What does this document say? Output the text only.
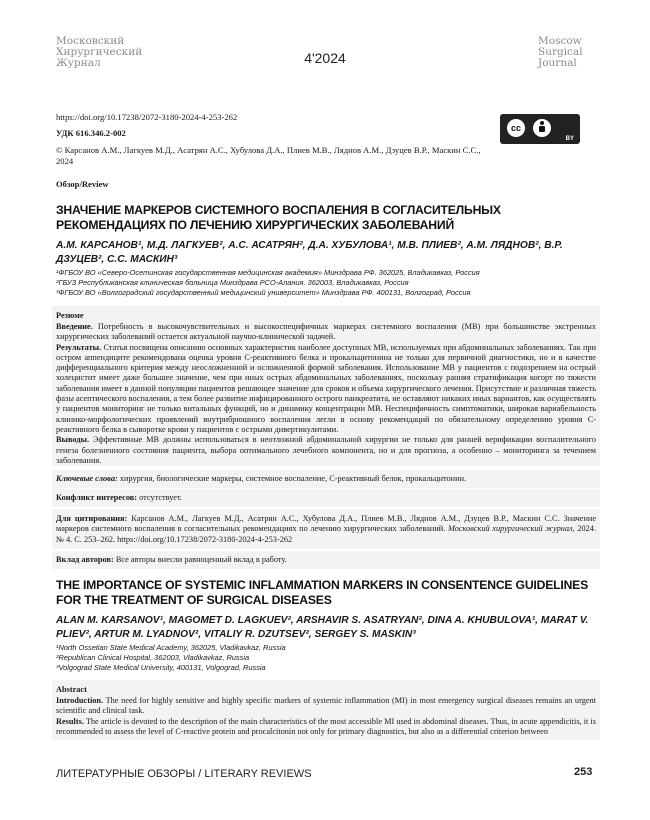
Московский
Хирургический
Журнал	4'2024
Moscow
Surgical
Journal
https://doi.org/10.17238/2072-3180-2024-4-253-262
УДК 616.346.2-002
© Карсанов А.М., Лагкуев М.Д., Асатрян А.С., Хубулова Д.А., Плиев М.В., Ляднов А.М., Дзуцев В.Р., Маскин С.С., 2024
Обзор/Review
cc
BY
ЗНАЧЕНИЕ МАРКЕРОВ СИСТЕМНОГО ВОСПАЛЕНИЯ В СОГЛАСИТЕЛЬНЫХ РЕКОМЕНДАЦИЯХ ПО ЛЕЧЕНИЮ ХИРУРГИЧЕСКИХ ЗАБОЛЕВАНИЙ
А.М. КАРСАНОВ¹, М.Д. ЛАГКУЕВ², А.С. АСАТРЯН², Д.А. ХУБУЛОВА¹, М.В. ПЛИЕВ², А.М. ЛЯДНОВ², В.Р. ДЗУЦЕВ², С.С. МАСКИН³
¹ФГБОУ ВО «Северо-Осетинская государственная медицинская академия» Минздрава РФ. 362025, Владикавказ, Россия
²ГБУЗ Республиканская клиническая больница Минздрава РСО-Алания. 362003, Владикавказ, Россия
³ФГБОУ ВО «Волгоградский государственный медицинский университет» Минздрава РФ. 400131, Волгоград, Россия
Резюме
Введение. Потребность в высокочувствительных и высокоспецифичных маркерах системного воспаления (МВ) при большинстве экстренных хирургических заболеваний остается актуальной научно-клинической задачей.
Результаты. Статья посвящена описанию основных характеристик наиболее доступных МВ, используемых при абдоминальных заболеваниях. Так при остром аппендиците рекомендована оценка уровня С-реактивного белка и прокальцитонина не только для первичной диагностики, но и в качестве дифференциального критерия между неосложненной и осложненной формой заболевания. Использование МВ у пациентов с подозрением на острый холецистит имеет даже большее значение, чем при иных острых абдоминальных заболеваниях, поскольку ранняя стратификация когорт по тяжести заболевания имеет в данной популяции пациентов решающее значение для сроков и объема хирургического лечения. Присутствие и различная тяжесть фазы асептического воспаления, а тем более развитие инфицированного острого панкреатита, не оставляют никаких иных вариантов, как осуществлять у пациентов мониторинг не только витальных функций, но и динамику концентрации МВ. Неспецифичность симптоматики, широкая вариабельность клинико-морфологических проявлений внутрибрюшного воспаления легли в основу рекомендаций по обязательному определению уровня С-реактивного белка в сыворотке крови у пациентов с острыми дивертикулитами.
Выводы. Эффективные МВ должны использоваться в неотложной абдоминальной хирургии не только для ранней верификации воспалительного генеза болезненного состояния пациента, выбора оптимального лечебного компонента, но и для прогноза, а особенно – мониторинга за течением заболевания.
Ключевые слова: хирургия, биологические маркеры, системное воспаление, С-реактивный белок, прокальцитонин.
Конфликт интересов: отсутствует.
Для цитирования: Карсанов А.М., Лагкуев М.Д., Асатрян А.С., Хубулова Д.А., Плиев М.В., Ляднов А.М., Дзуцев В.Р., Маскин С.С. Значение маркеров системного воспаления в согласительных рекомендациях по лечению хирургических заболеваний. Московский хирургический журнал, 2024. № 4. С. 253–262. https://doi.org/10.17238/2072-3180-2024-4-253-262
Вклад авторов: Все авторы внесли равноценный вклад в работу.
THE IMPORTANCE OF SYSTEMIC INFLAMMATION MARKERS IN CONSENTENCE GUIDELINES FOR THE TREATMENT OF SURGICAL DISEASES
ALAN M. KARSANOV¹, MAGOMET D. LAGKUEV², ARSHAVIR S. ASATRYAN², DINA A. KHUBULOVA¹, MARAT V. PLIEV², ARTUR M. LYADNOV², VITALIY R. DZUTSEV², SERGEY S. MASKIN³
¹North Ossetian State Medical Academy, 362025, Vladikavkaz, Russia
²Republican Clinical Hospital, 362003, Vladikavkaz, Russia
³Volgograd State Medical University, 400131, Volgograd, Russia
Abstract
Introduction. The need for highly sensitive and highly specific markers of systemic inflammation (MI) in most emergency surgical diseases remains an urgent scientific and clinical task.
Results. The article is devoted to the description of the main characteristics of the most accessible MI used in abdominal diseases. Thus, in acute appendicitis, it is recommended to assess the level of C-reactive protein and procalcitonin not only for primary diagnostics, but also as a differential criterion between
ЛИТЕРАТУРНЫЕ ОБЗОРЫ / LITERARY REVIEWS	253
